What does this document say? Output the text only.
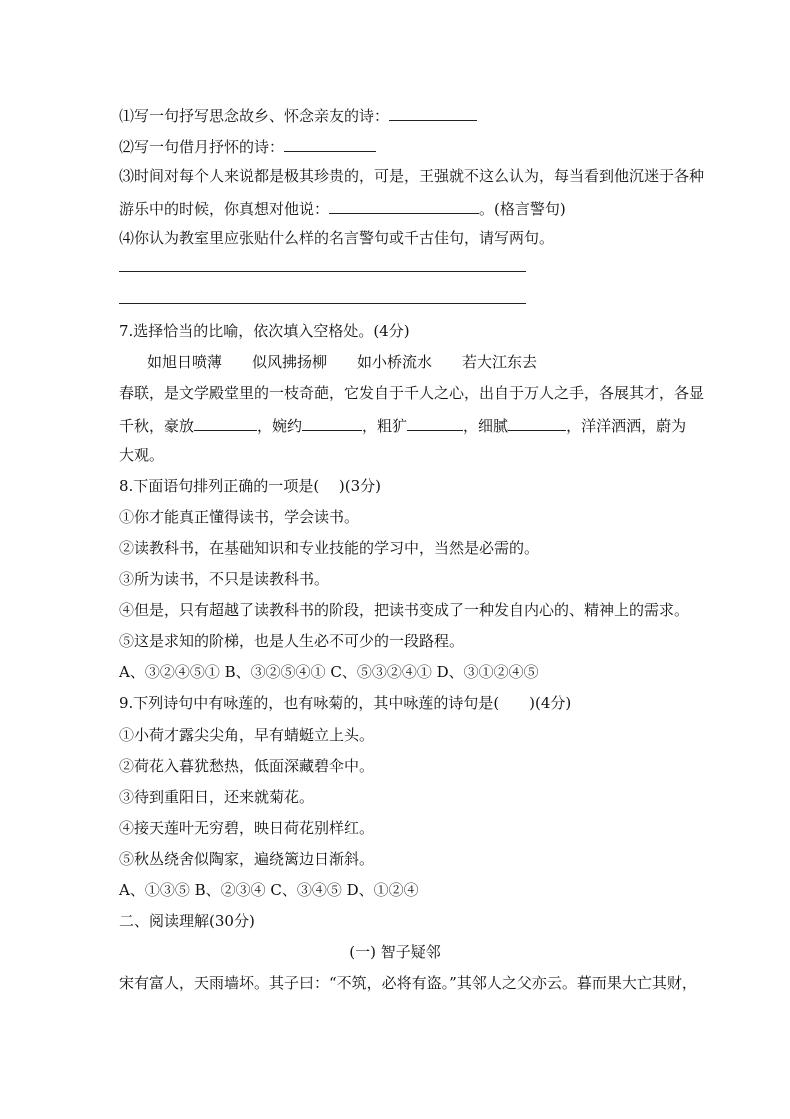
⑴写一句抒写思念故乡、怀念亲友的诗：
⑵写一句借月抒怀的诗：
⑶时间对每个人来说都是极其珍贵的，可是，王强就不这么认为，每当看到他沉迷于各种
游乐中的时候，你真想对他说：	。(格言警句)
⑷你认为教室里应张贴什么样的名言警句或千古佳句，请写两句。
7.选择恰当的比喻，依次填入空格处。(4分)
如旭日喷薄　　似风拂扬柳　　如小桥流水　　若大江东去
春联，是文学殿堂里的一枝奇葩，它发自于千人之心，出自于万人之手，各展其才，各显
千秋，豪放	，婉约	，粗犷	，细腻	，洋洋洒洒，蔚为
大观。
8.下面语句排列正确的一项是(　 )(3分)
①你才能真正懂得读书，学会读书。
②读教科书，在基础知识和专业技能的学习中，当然是必需的。
③所为读书，不只是读教科书。
④但是，只有超越了读教科书的阶段，把读书变成了一种发自内心的、精神上的需求。
⑤这是求知的阶梯，也是人生必不可少的一段路程。
A、③②④⑤① B、③②⑤④① C、⑤③②④① D、③①②④⑤
9.下列诗句中有咏莲的，也有咏菊的，其中咏莲的诗句是(　　)(4分)
①小荷才露尖尖角，早有蜻蜓立上头。
②荷花入暮犹愁热，低面深藏碧伞中。
③待到重阳日，还来就菊花。
④接天莲叶无穷碧，映日荷花别样红。
⑤秋丛绕舍似陶家，遍绕篱边日渐斜。
A、①③⑤ B、②③④ C、③④⑤ D、①②④
二、阅读理解(30分)
(一) 智子疑邻
宋有富人，天雨墙坏。其子曰：“不筑，必将有盗。”其邻人之父亦云。暮而果大亡其财，
